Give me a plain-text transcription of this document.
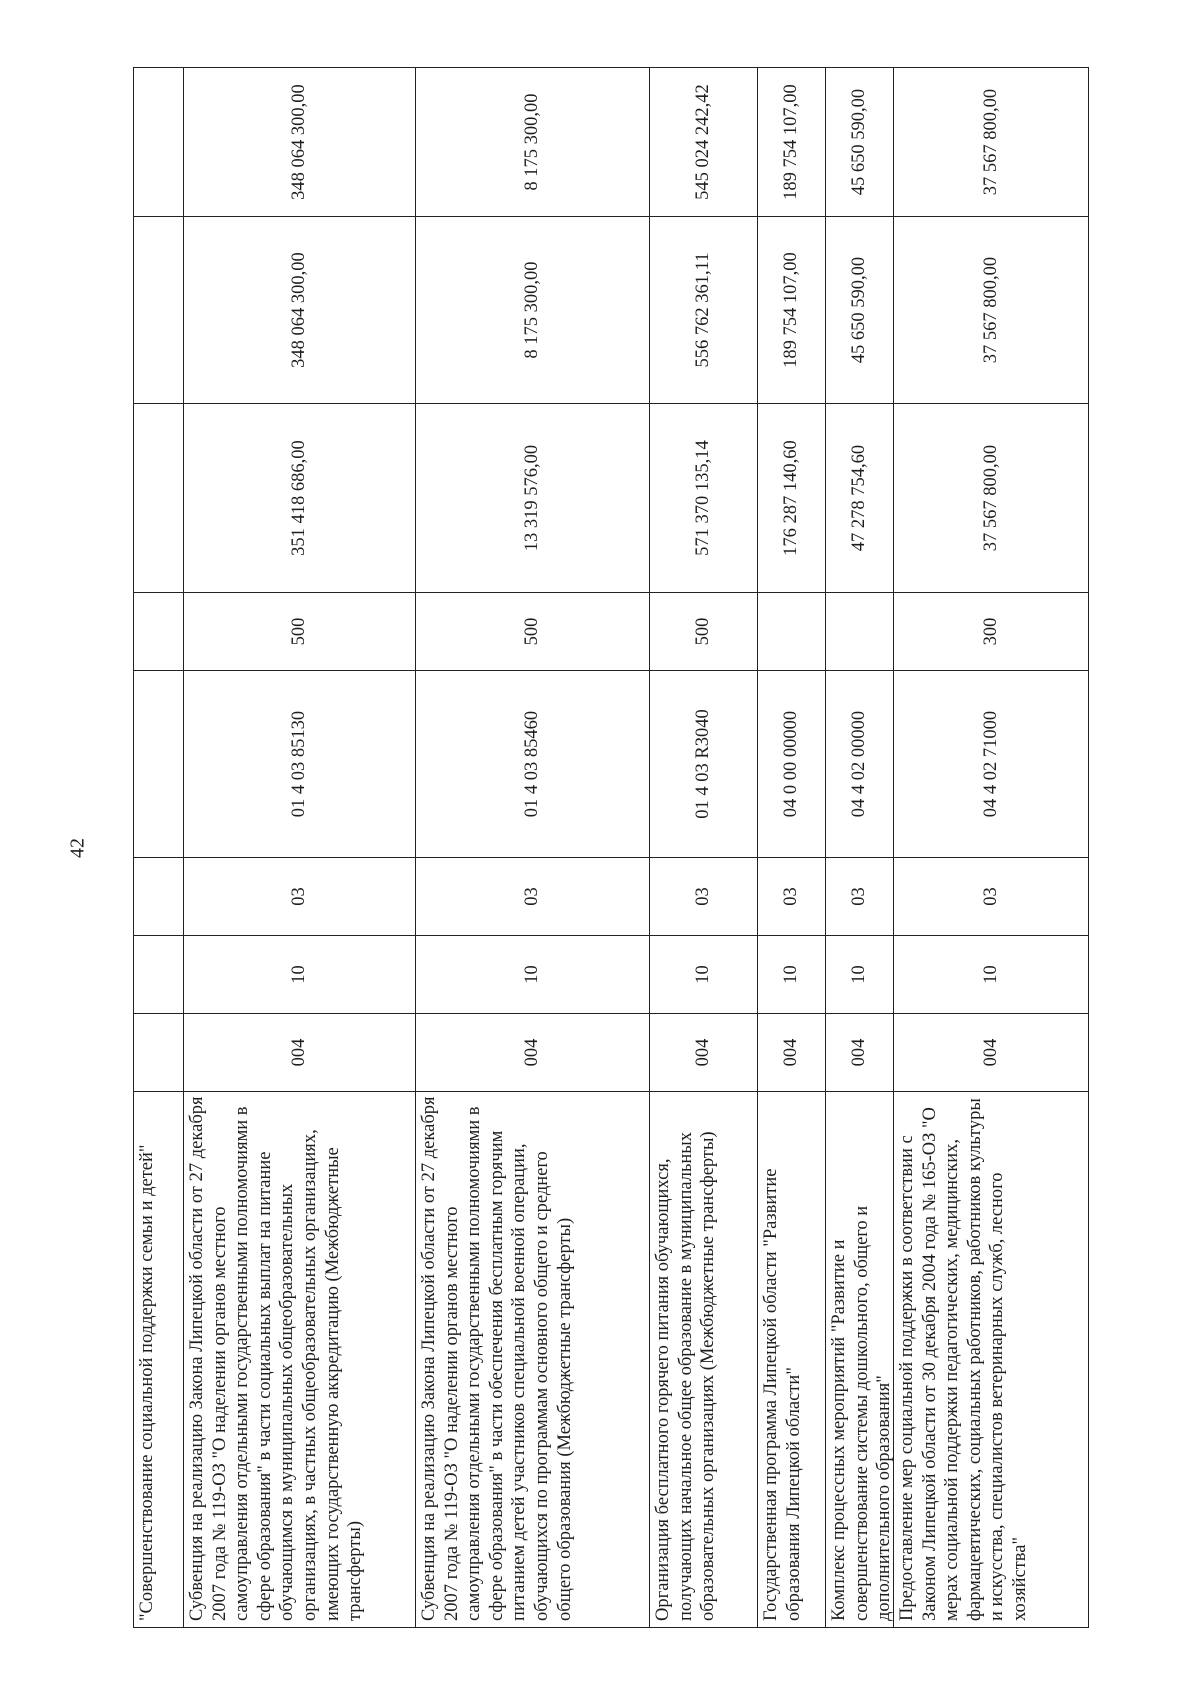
42
"Совершенствование социальной поддержки семьи и детей"	Субвенция на реализацию Закона Липецкой области от 27 декабря 2007 года № 119-ОЗ "О наделении органов местного самоуправления отдельными государственными полномочиями в сфере образования" в части социальных выплат на питание обучающимся в муниципальных общеобразовательных организациях, в частных общеобразовательных организациях, имеющих государственную аккредитацию (Межбюджетные трансферты)
004
10
03
01 4 03 85130
500
351 418 686,00
348 064 300,00
348 064 300,00
Субвенция на реализацию Закона Липецкой области от 27 декабря 2007 года № 119-ОЗ "О наделении органов местного самоуправления отдельными государственными полномочиями в сфере образования" в части обеспечения бесплатным горячим питанием детей участников специальной военной операции, обучающихся по программам основного общего и среднего общего образования (Межбюджетные трансферты)
004
10
03
01 4 03 85460
500
13 319 576,00
8 175 300,00
8 175 300,00
Организация бесплатного горячего питания обучающихся, получающих начальное общее образование в муниципальных образовательных организациях (Межбюджетные трансферты)
004
10
03
01 4 03 R3040
500
571 370 135,14
556 762 361,11
545 024 242,42
Государственная программа Липецкой области "Развитие образования Липецкой области"
004
10
03
04 0 00 00000
176 287 140,60
189 754 107,00
189 754 107,00
Комплекс процессных мероприятий "Развитие и совершенствование системы дошкольного, общего и дополнительного образования"
004
10
03
04 4 02 00000
47 278 754,60
45 650 590,00
45 650 590,00
Предоставление мер социальной поддержки в соответствии с Законом Липецкой области от 30 декабря 2004 года № 165-ОЗ "О мерах социальной поддержки педагогических, медицинских, фармацевтических, социальных работников, работников культуры и искусства, специалистов ветеринарных служб, лесного хозяйства"
004
10
03
04 4 02 71000
300
37 567 800,00
37 567 800,00
37 567 800,00
